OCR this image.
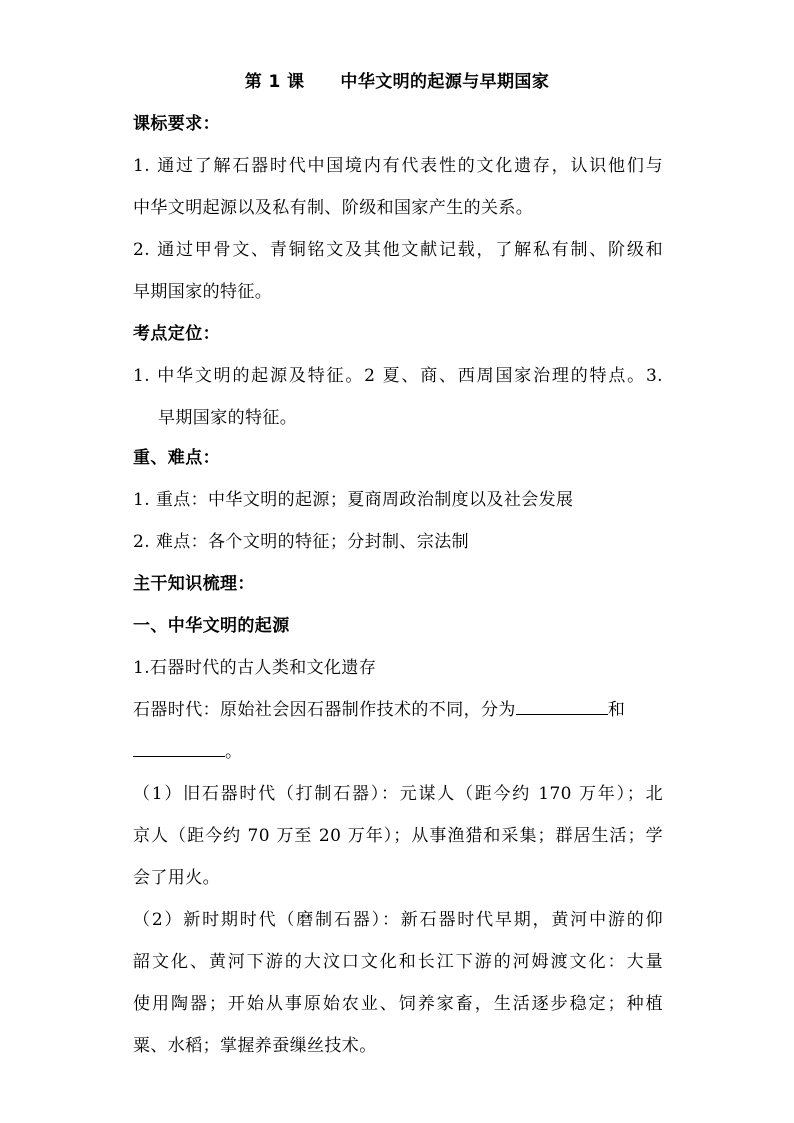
第 1 课 中华文明的起源与早期国家
课标要求：
1. 通过了解石器时代中国境内有代表性的文化遗存，认识他们与
中华文明起源以及私有制、阶级和国家产生的关系。
2. 通过甲骨文、青铜铭文及其他文献记载，了解私有制、阶级和
早期国家的特征。
考点定位：
1. 中华文明的起源及特征。2 夏、商、西周国家治理的特点。3.
早期国家的特征。
重、难点：
1. 重点：中华文明的起源；夏商周政治制度以及社会发展
2. 难点：各个文明的特征；分封制、宗法制
主干知识梳理：
一、中华文明的起源
1.石器时代的古人类和文化遗存
石器时代：原始社会因石器制作技术的不同，分为	和
。
（1）旧石器时代（打制石器）：元谋人（距今约 170 万年）；北
京人（距今约 70 万至 20 万年）；从事渔猎和采集；群居生活；学
会了用火。
（2）新时期时代（磨制石器）：新石器时代早期，黄河中游的仰
韶文化、黄河下游的大汶口文化和长江下游的河姆渡文化：大量
使用陶器；开始从事原始农业、饲养家畜，生活逐步稳定；种植
粟、水稻；掌握养蚕缫丝技术。
